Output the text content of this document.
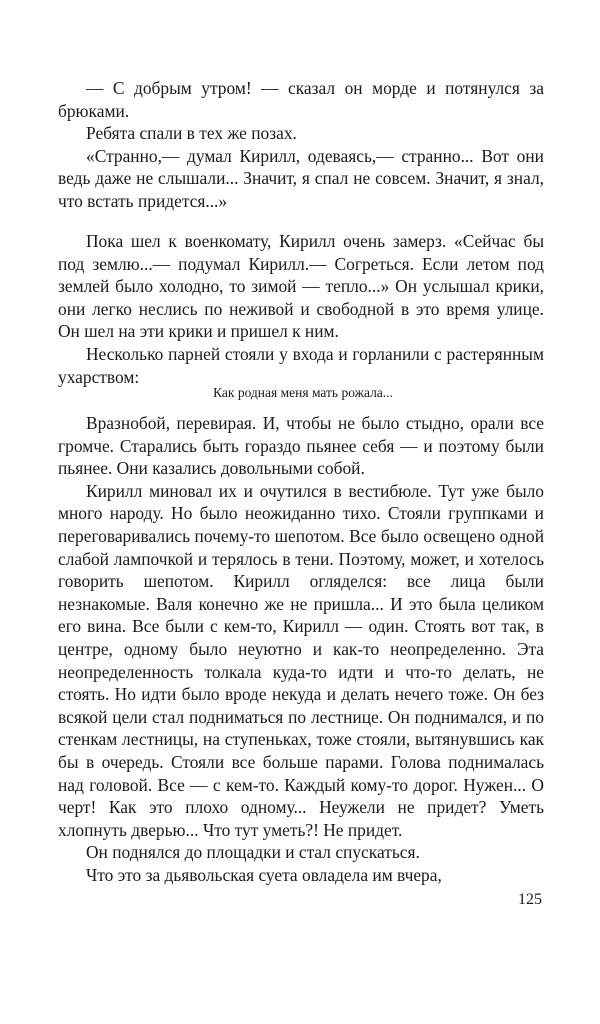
— С добрым утром! — сказал он морде и потянулся за брюками.

Ребята спали в тех же позах.

«Странно,— думал Кирилл, одеваясь,— странно... Вот они ведь даже не слышали... Значит, я спал не совсем. Значит, я знал, что встать придется...»

Пока шел к военкомату, Кирилл очень замерз. «Сейчас бы под землю...— подумал Кирилл.— Согреться. Если летом под землей было холодно, то зимой — тепло...» Он услышал крики, они легко неслись по неживой и свободной в это время улице. Он шел на эти крики и пришел к ним.

Несколько парней стояли у входа и горланили с растерянным ухарством:

Как родная меня мать рожала...

Вразнобой, перевирая. И, чтобы не было стыдно, орали все громче. Старались быть гораздо пьянее себя — и поэтому были пьянее. Они казались довольными собой.

Кирилл миновал их и очутился в вестибюле. Тут уже было много народу. Но было неожиданно тихо. Стояли группками и переговаривались почему-то шепотом. Все было освещено одной слабой лампочкой и терялось в тени. Поэтому, может, и хотелось говорить шепотом. Кирилл огляделся: все лица были незнакомые. Валя конечно же не пришла... И это была целиком его вина. Все были с кем-то, Кирилл — один. Стоять вот так, в центре, одному было неуютно и как-то неопределенно. Эта неопределенность толкала куда-то идти и что-то делать, не стоять. Но идти было вроде некуда и делать нечего тоже. Он без всякой цели стал подниматься по лестнице. Он поднимался, и по стенкам лестницы, на ступеньках, тоже стояли, вытянувшись как бы в очередь. Стояли все больше парами. Голова поднималась над головой. Все — с кем-то. Каждый кому-то дорог. Нужен... О черт! Как это плохо одному... Неужели не придет? Уметь хлопнуть дверью... Что тут уметь?! Не придет.

Он поднялся до площадки и стал спускаться.

Что это за дьявольская суета овладела им вчера,

125
